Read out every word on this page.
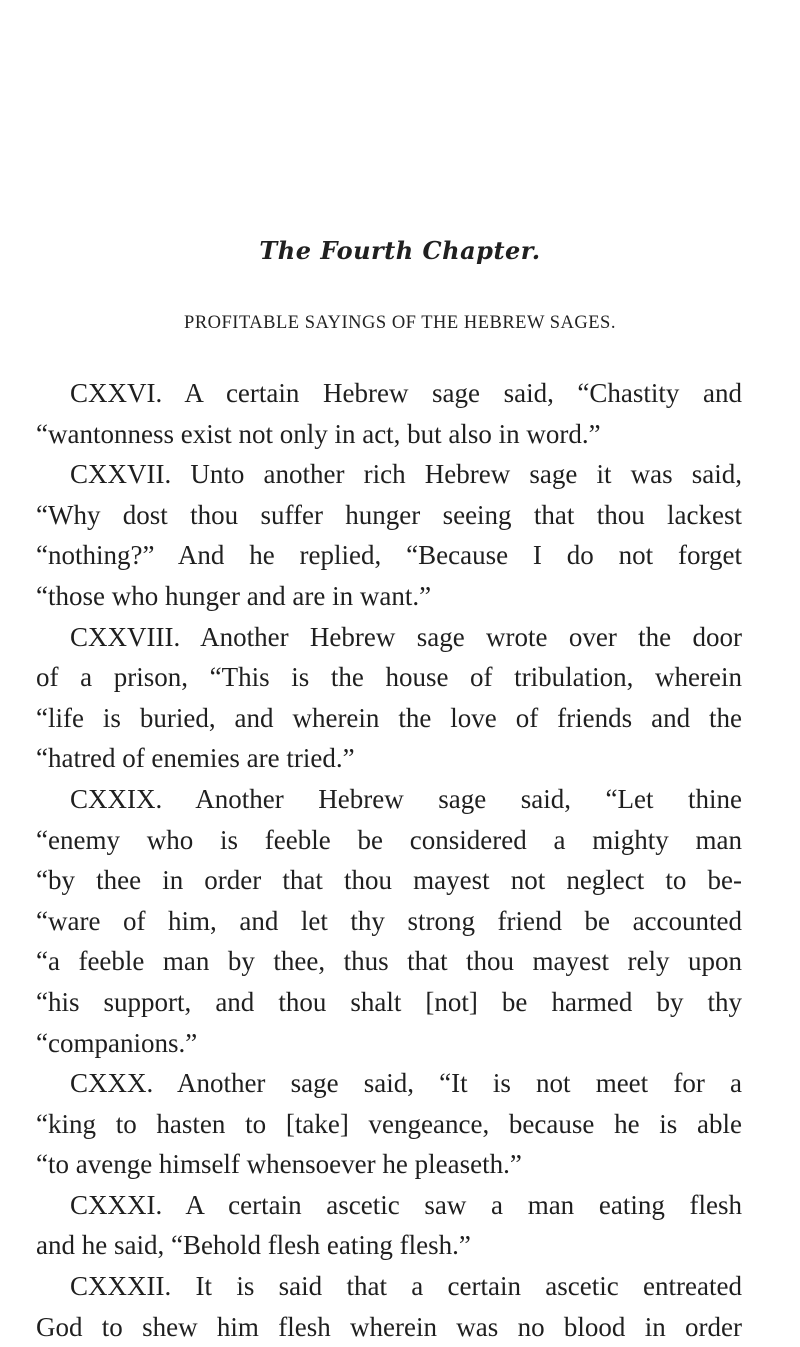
The Fourth Chapter.
PROFITABLE SAYINGS OF THE HEBREW SAGES.
CXXVI. A certain Hebrew sage said, “Chastity and
“wantonness exist not only in act, but also in word.”
CXXVII. Unto another rich Hebrew sage it was said,
“Why dost thou suffer hunger seeing that thou lackest
“nothing?” And he replied, “Because I do not forget
“those who hunger and are in want.”
CXXVIII. Another Hebrew sage wrote over the door
of a prison, “This is the house of tribulation, wherein
“life is buried, and wherein the love of friends and the
“hatred of enemies are tried.”
CXXIX. Another Hebrew sage said, “Let thine
“enemy who is feeble be considered a mighty man
“by thee in order that thou mayest not neglect to be-
“ware of him, and let thy strong friend be accounted
“a feeble man by thee, thus that thou mayest rely upon
“his support, and thou shalt [not] be harmed by thy
“companions.”
CXXX. Another sage said, “It is not meet for a
“king to hasten to [take] vengeance, because he is able
“to avenge himself whensoever he pleaseth.”
CXXXI. A certain ascetic saw a man eating flesh
and he said, “Behold flesh eating flesh.”
CXXXII. It is said that a certain ascetic entreated
God to shew him flesh wherein was no blood in order
